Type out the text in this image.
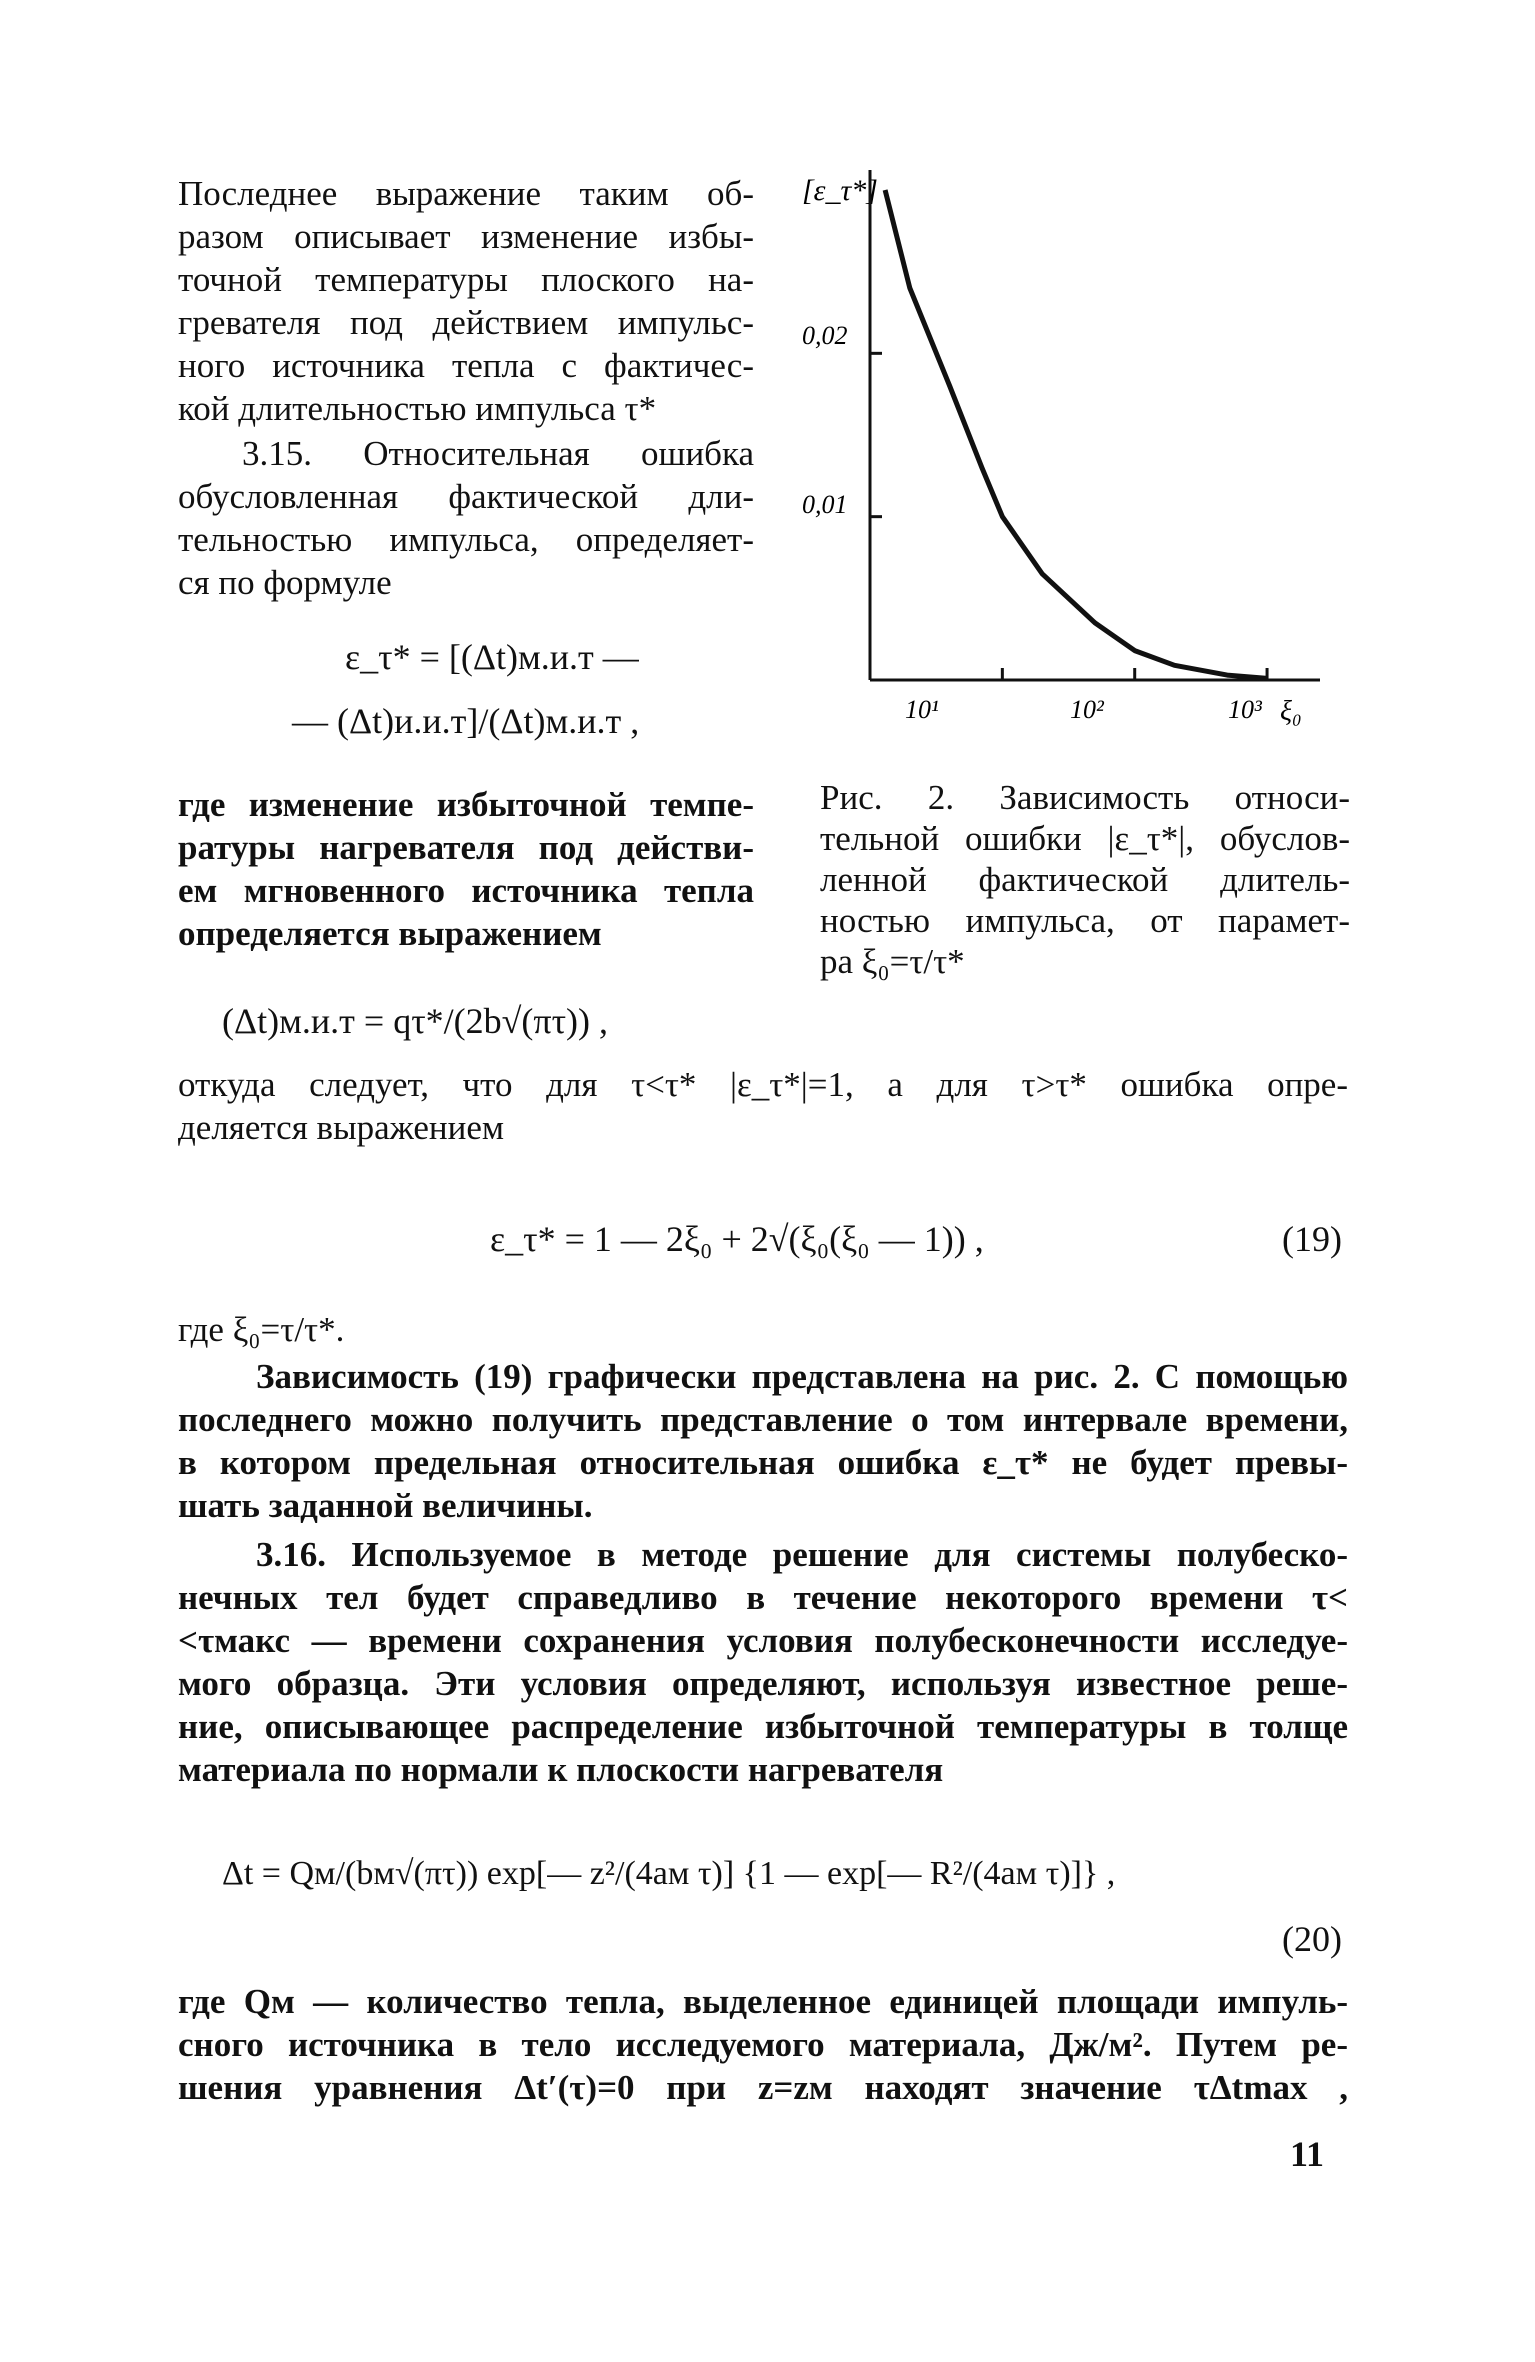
Последнее выражение таким об-
разом описывает изменение избы-
точной температуры плоского на-
гревателя под действием импульс-
ного источника тепла с фактичес-
кой длительностью импульса τ*
3.15. Относительная ошибка
обусловленная фактической дли-
тельностью импульса, определяет-
ся по формуле
ε_τ* = [(Δt)м.и.т —
— (Δt)и.и.т]/(Δt)м.и.т ,
где изменение избыточной темпе-
ратуры нагревателя под действи-
ем мгновенного источника тепла
определяется выражением
(Δt)м.и.т = qτ*/(2b√(πτ)) ,
[ε_τ*]
0,02
0,01
10¹	10²	10³ ξ₀
Рис. 2. Зависимость относи-
тельной ошибки |ε_τ*|, обуслов-
ленной фактической длитель-
ностью импульса, от парамет-
ра ξ₀=τ/τ*
откуда следует, что для τ<τ* |ε_τ*|=1, а для τ>τ* ошибка опре-
деляется выражением
ε_τ* = 1 — 2ξ₀ + 2√(ξ₀(ξ₀ — 1)) ,	(19)
где ξ₀=τ/τ*.
Зависимость (19) графически представлена на рис. 2. С помощью
последнего можно получить представление о том интервале времени,
в котором предельная относительная ошибка ε_τ* не будет превы-
шать заданной величины.
3.16. Используемое в методе решение для системы полубеско-
нечных тел будет справедливо в течение некоторого времени τ<
<τмакс — времени сохранения условия полубесконечности исследуе-
мого образца. Эти условия определяют, используя известное реше-
ние, описывающее распределение избыточной температуры в толще
материала по нормали к плоскости нагревателя
Δt = Qм/(bм√(πτ)) exp[— z²/(4aм τ)] {1 — exp[— R²/(4aм τ)]} ,
(20)
где Qм — количество тепла, выделенное единицей площади импуль-
сного источника в тело исследуемого материала, Дж/м². Путем ре-
шения уравнения Δt′(τ)=0 при z=zм находят значение τΔtmax ,
11
